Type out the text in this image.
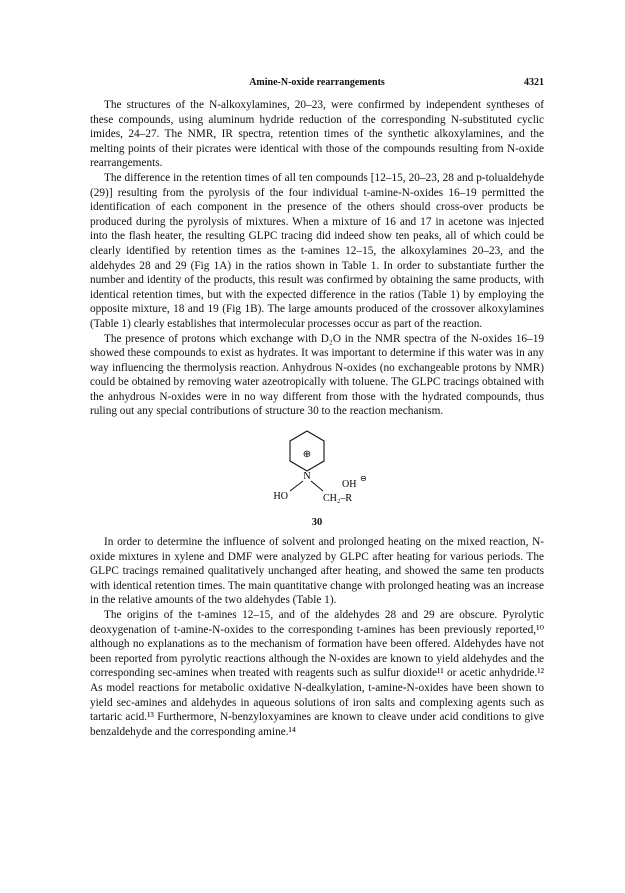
Amine-N-oxide rearrangements	4321

The structures of the N-alkoxylamines, 20–23, were confirmed by independent syntheses of these compounds, using aluminum hydride reduction of the corresponding N-substituted cyclic imides, 24–27. The NMR, IR spectra, retention times of the synthetic alkoxylamines, and the melting points of their picrates were identical with those of the compounds resulting from N-oxide rearrangements.

The difference in the retention times of all ten compounds [12–15, 20–23, 28 and p-tolualdehyde (29)] resulting from the pyrolysis of the four individual t-amine-N-oxides 16–19 permitted the identification of each component in the presence of the others should cross-over products be produced during the pyrolysis of mixtures. When a mixture of 16 and 17 in acetone was injected into the flash heater, the resulting GLPC tracing did indeed show ten peaks, all of which could be clearly identified by retention times as the t-amines 12–15, the alkoxylamines 20–23, and the aldehydes 28 and 29 (Fig 1A) in the ratios shown in Table 1. In order to substantiate further the number and identity of the products, this result was confirmed by obtaining the same products, with identical retention times, but with the expected difference in the ratios (Table 1) by employing the opposite mixture, 18 and 19 (Fig 1B). The large amounts produced of the crossover alkoxylamines (Table 1) clearly establishes that intermolecular processes occur as part of the reaction.

The presence of protons which exchange with D₂O in the NMR spectra of the N-oxides 16–19 showed these compounds to exist as hydrates. It was important to determine if this water was in any way influencing the thermolysis reaction. Anhydrous N-oxides (no exchangeable protons by NMR) could be obtained by removing water azeotropically with toluene. The GLPC tracings obtained with the anhydrous N-oxides were in no way different from those with the hydrated compounds, thus ruling out any special contributions of structure 30 to the reaction mechanism.

⊕
N
HO	CH₂–R
OH
⊖
30

In order to determine the influence of solvent and prolonged heating on the mixed reaction, N-oxide mixtures in xylene and DMF were analyzed by GLPC after heating for various periods. The GLPC tracings remained qualitatively unchanged after heating, and showed the same ten products with identical retention times. The main quantitative change with prolonged heating was an increase in the relative amounts of the two aldehydes (Table 1).

The origins of the t-amines 12–15, and of the aldehydes 28 and 29 are obscure. Pyrolytic deoxygenation of t-amine-N-oxides to the corresponding t-amines has been previously reported,¹⁰ although no explanations as to the mechanism of formation have been offered. Aldehydes have not been reported from pyrolytic reactions although the N-oxides are known to yield aldehydes and the corresponding sec-amines when treated with reagents such as sulfur dioxide¹¹ or acetic anhydride.¹² As model reactions for metabolic oxidative N-dealkylation, t-amine-N-oxides have been shown to yield sec-amines and aldehydes in aqueous solutions of iron salts and complexing agents such as tartaric acid.¹³ Furthermore, N-benzyloxyamines are known to cleave under acid conditions to give benzaldehyde and the corresponding amine.¹⁴
